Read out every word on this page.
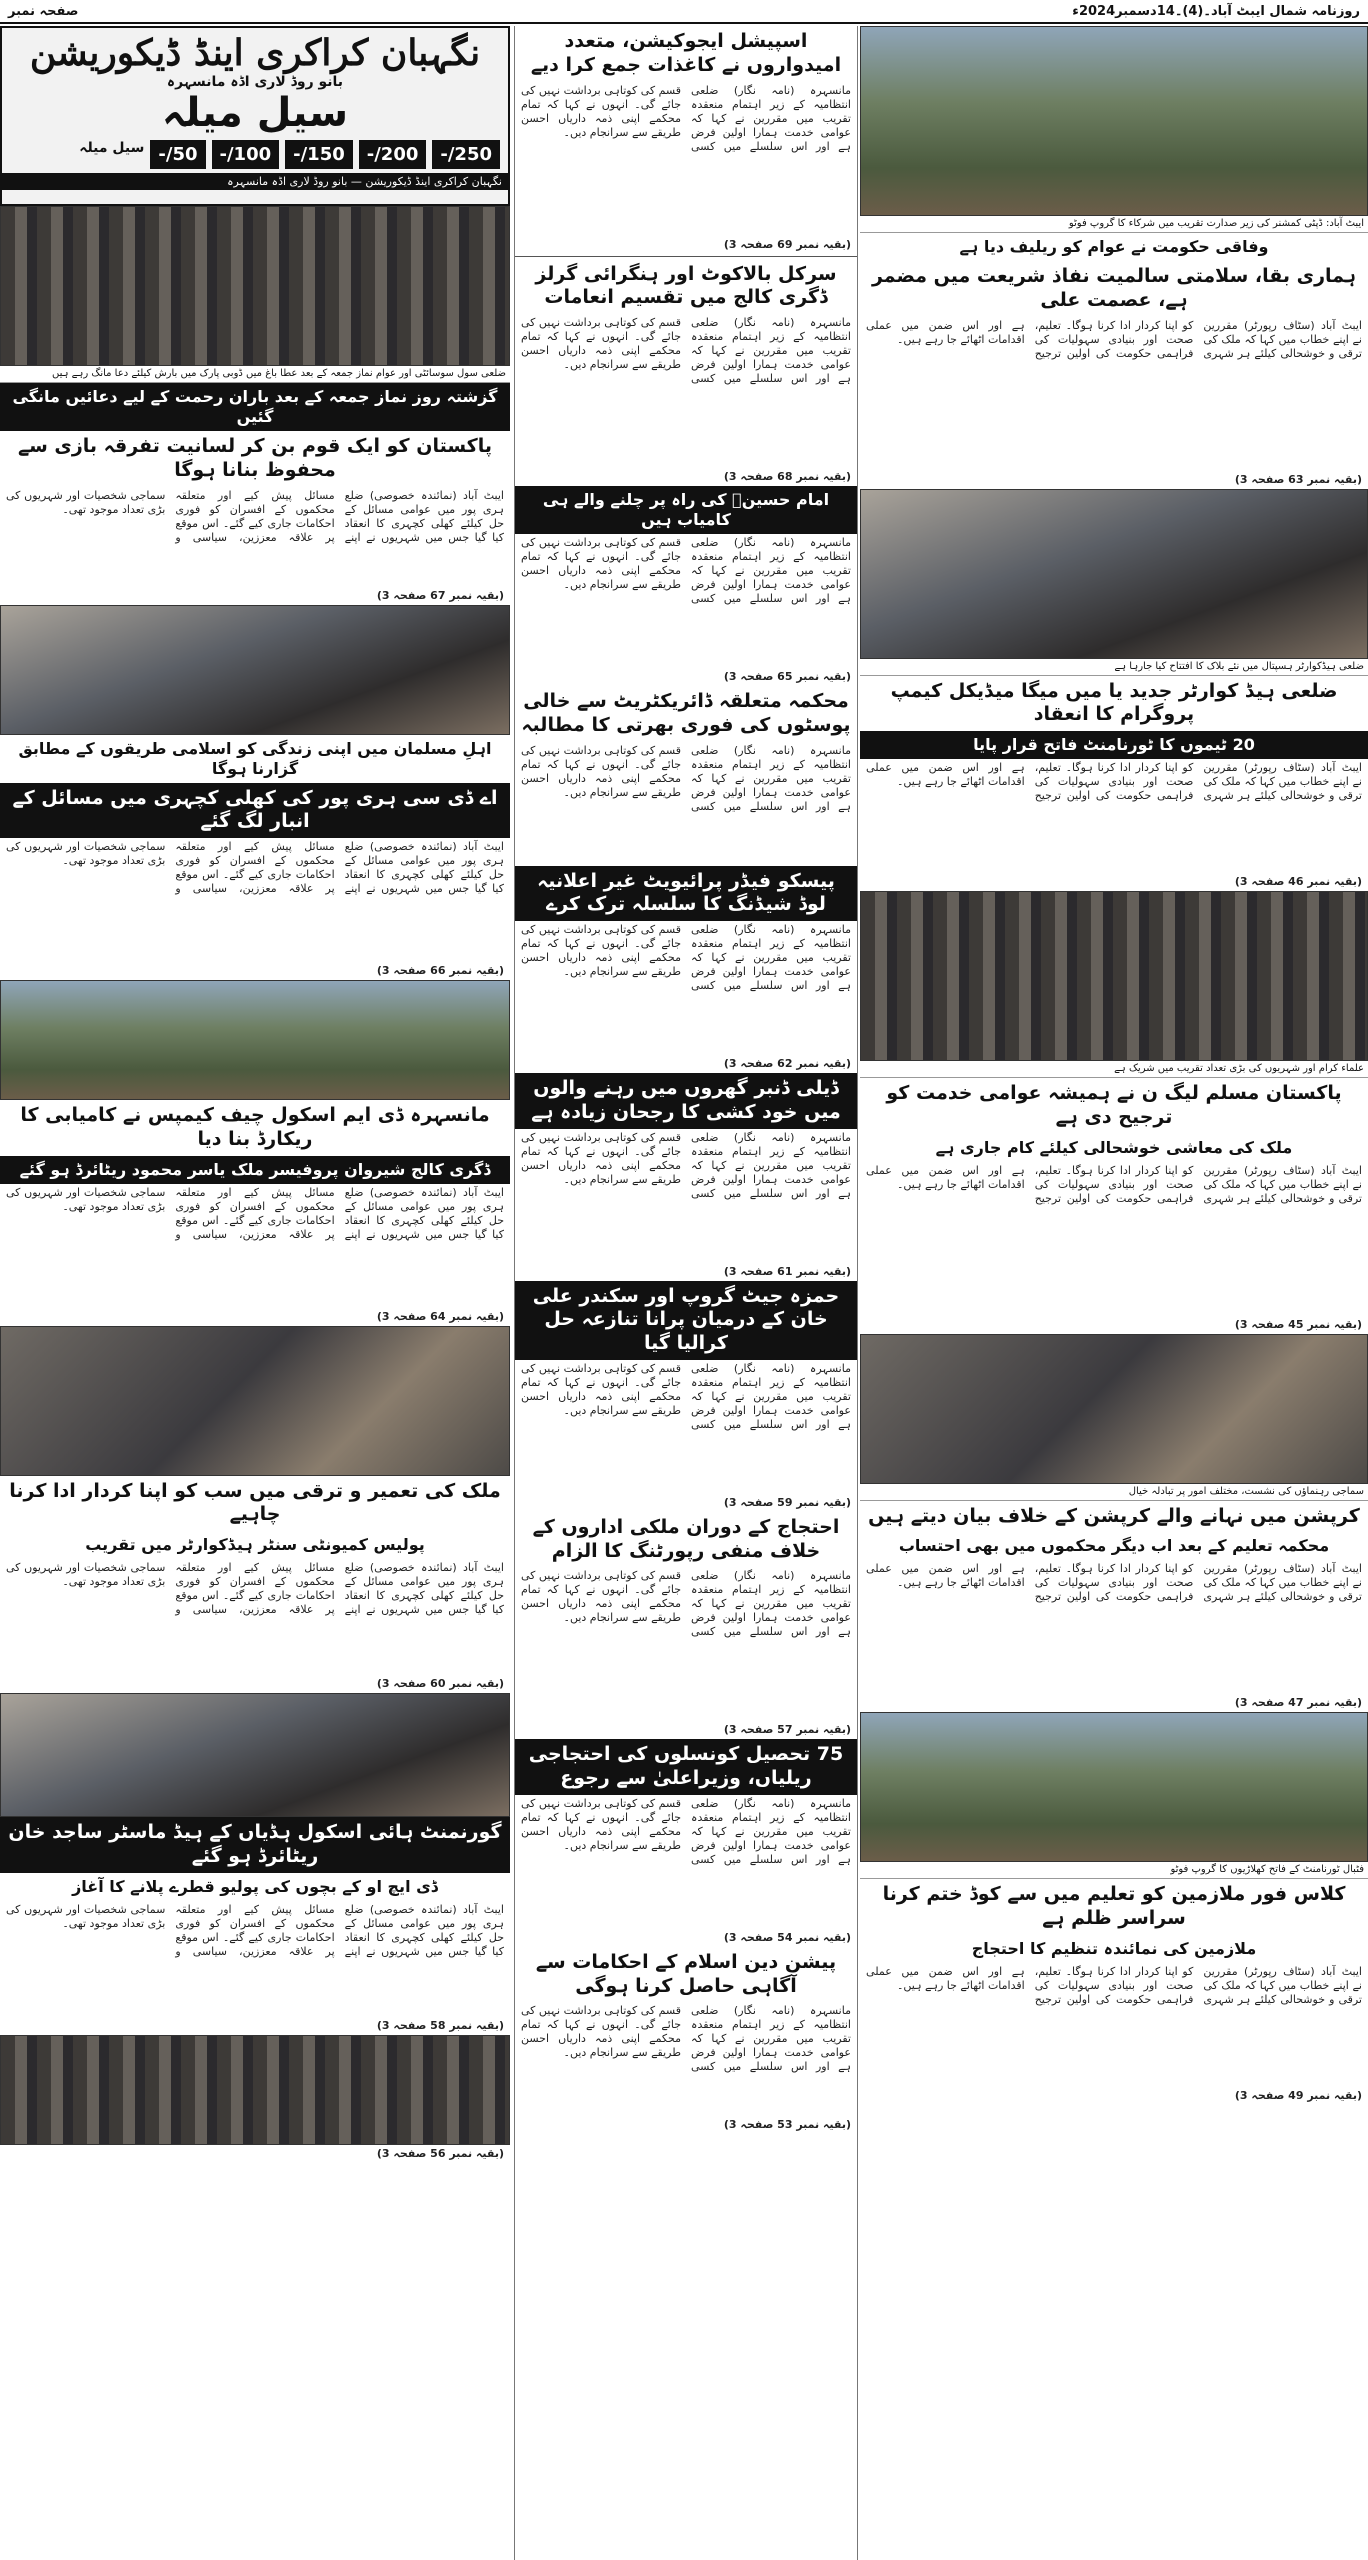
روزنامہ شمال ایبٹ آباد۔(4)۔14دسمبر2024ء
صفحہ نمبر
نگہبان کراکری اینڈ ڈیکوریشن
بانو روڈ لاری اڈہ مانسہرہ
سیل میلہ
250/-
200/-
150/-
100/-
50/-
سیل میلہ
نگہبان کراکری اینڈ ڈیکوریشن — بانو روڈ لاری اڈہ مانسہرہ
ضلعی سول سوسائٹی اور عوام نماز جمعہ کے بعد عطا باغ میں ڈوبی پارک میں بارش کیلئے دعا مانگ رہے ہیں
گزشتہ روز نماز جمعہ کے بعد باران رحمت کے لیے دعائیں مانگی گئیں
پاکستان کو ایک قوم بن کر لسانیت تفرقہ بازی سے محفوظ بنانا ہوگا
ایبٹ آباد (نمائندہ خصوصی) ضلع ہری پور میں عوامی مسائل کے حل کیلئے کھلی کچہری کا انعقاد کیا گیا جس میں شہریوں نے اپنے مسائل پیش کیے اور متعلقہ محکموں کے افسران کو فوری احکامات جاری کیے گئے۔ اس موقع پر علاقہ معززین، سیاسی و سماجی شخصیات اور شہریوں کی بڑی تعداد موجود تھی۔
(بقیہ نمبر 67 صفحہ 3)
اہلِ مسلمان میں اپنی زندگی کو اسلامی طریقوں کے مطابق گزارنا ہوگا
اے ڈی سی ہری پور کی کھلی کچہری میں مسائل کے انبار لگ گئے
ایبٹ آباد (نمائندہ خصوصی) ضلع ہری پور میں عوامی مسائل کے حل کیلئے کھلی کچہری کا انعقاد کیا گیا جس میں شہریوں نے اپنے مسائل پیش کیے اور متعلقہ محکموں کے افسران کو فوری احکامات جاری کیے گئے۔ اس موقع پر علاقہ معززین، سیاسی و سماجی شخصیات اور شہریوں کی بڑی تعداد موجود تھی۔
(بقیہ نمبر 66 صفحہ 3)
مانسہرہ ڈی ایم اسکول چیف کیمپس نے کامیابی کا ریکارڈ بنا دیا
ڈگری کالج شیروان پروفیسر ملک یاسر محمود ریٹائرڈ ہو گئے
ایبٹ آباد (نمائندہ خصوصی) ضلع ہری پور میں عوامی مسائل کے حل کیلئے کھلی کچہری کا انعقاد کیا گیا جس میں شہریوں نے اپنے مسائل پیش کیے اور متعلقہ محکموں کے افسران کو فوری احکامات جاری کیے گئے۔ اس موقع پر علاقہ معززین، سیاسی و سماجی شخصیات اور شہریوں کی بڑی تعداد موجود تھی۔
(بقیہ نمبر 64 صفحہ 3)
ملک کی تعمیر و ترقی میں سب کو اپنا کردار ادا کرنا چاہیے
پولیس کمیونٹی سنٹر ہیڈکوارٹر میں تقریب
ایبٹ آباد (نمائندہ خصوصی) ضلع ہری پور میں عوامی مسائل کے حل کیلئے کھلی کچہری کا انعقاد کیا گیا جس میں شہریوں نے اپنے مسائل پیش کیے اور متعلقہ محکموں کے افسران کو فوری احکامات جاری کیے گئے۔ اس موقع پر علاقہ معززین، سیاسی و سماجی شخصیات اور شہریوں کی بڑی تعداد موجود تھی۔
(بقیہ نمبر 60 صفحہ 3)
گورنمنٹ ہائی اسکول ہڈیاں کے ہیڈ ماسٹر ساجد خان ریٹائرڈ ہو گئے
ڈی ایچ او کے بچوں کی پولیو قطرے پلانے کا آغاز
ایبٹ آباد (نمائندہ خصوصی) ضلع ہری پور میں عوامی مسائل کے حل کیلئے کھلی کچہری کا انعقاد کیا گیا جس میں شہریوں نے اپنے مسائل پیش کیے اور متعلقہ محکموں کے افسران کو فوری احکامات جاری کیے گئے۔ اس موقع پر علاقہ معززین، سیاسی و سماجی شخصیات اور شہریوں کی بڑی تعداد موجود تھی۔
(بقیہ نمبر 58 صفحہ 3)
(بقیہ نمبر 56 صفحہ 3)
اسپیشل ایجوکیشن، متعدد امیدواروں نے کاغذات جمع کرا دیے
مانسہرہ (نامہ نگار) ضلعی انتظامیہ کے زیر اہتمام منعقدہ تقریب میں مقررین نے کہا کہ عوامی خدمت ہمارا اولین فرض ہے اور اس سلسلے میں کسی قسم کی کوتاہی برداشت نہیں کی جائے گی۔ انہوں نے کہا کہ تمام محکمے اپنی ذمہ داریاں احسن طریقے سے سرانجام دیں۔
(بقیہ نمبر 69 صفحہ 3)
سرکل بالاکوٹ اور ہنگرائی گرلز ڈگری کالج میں تقسیم انعامات
مانسہرہ (نامہ نگار) ضلعی انتظامیہ کے زیر اہتمام منعقدہ تقریب میں مقررین نے کہا کہ عوامی خدمت ہمارا اولین فرض ہے اور اس سلسلے میں کسی قسم کی کوتاہی برداشت نہیں کی جائے گی۔ انہوں نے کہا کہ تمام محکمے اپنی ذمہ داریاں احسن طریقے سے سرانجام دیں۔
(بقیہ نمبر 68 صفحہ 3)
امام حسینؓ کی راہ پر چلنے والے ہی کامیاب ہیں
مانسہرہ (نامہ نگار) ضلعی انتظامیہ کے زیر اہتمام منعقدہ تقریب میں مقررین نے کہا کہ عوامی خدمت ہمارا اولین فرض ہے اور اس سلسلے میں کسی قسم کی کوتاہی برداشت نہیں کی جائے گی۔ انہوں نے کہا کہ تمام محکمے اپنی ذمہ داریاں احسن طریقے سے سرانجام دیں۔
(بقیہ نمبر 65 صفحہ 3)
محکمہ متعلقہ ڈائریکٹریٹ سے خالی پوسٹوں کی فوری بھرتی کا مطالبہ
مانسہرہ (نامہ نگار) ضلعی انتظامیہ کے زیر اہتمام منعقدہ تقریب میں مقررین نے کہا کہ عوامی خدمت ہمارا اولین فرض ہے اور اس سلسلے میں کسی قسم کی کوتاہی برداشت نہیں کی جائے گی۔ انہوں نے کہا کہ تمام محکمے اپنی ذمہ داریاں احسن طریقے سے سرانجام دیں۔
پیسکو فیڈر پرائیویٹ غیر اعلانیہ لوڈ شیڈنگ کا سلسلہ ترک کرے
مانسہرہ (نامہ نگار) ضلعی انتظامیہ کے زیر اہتمام منعقدہ تقریب میں مقررین نے کہا کہ عوامی خدمت ہمارا اولین فرض ہے اور اس سلسلے میں کسی قسم کی کوتاہی برداشت نہیں کی جائے گی۔ انہوں نے کہا کہ تمام محکمے اپنی ذمہ داریاں احسن طریقے سے سرانجام دیں۔
(بقیہ نمبر 62 صفحہ 3)
ڈیلی ڈنبر گھروں میں رہنے والوں میں خود کشی کا رجحان زیادہ ہے
مانسہرہ (نامہ نگار) ضلعی انتظامیہ کے زیر اہتمام منعقدہ تقریب میں مقررین نے کہا کہ عوامی خدمت ہمارا اولین فرض ہے اور اس سلسلے میں کسی قسم کی کوتاہی برداشت نہیں کی جائے گی۔ انہوں نے کہا کہ تمام محکمے اپنی ذمہ داریاں احسن طریقے سے سرانجام دیں۔
(بقیہ نمبر 61 صفحہ 3)
حمزہ جیٹ گروپ اور سکندر علی خان کے درمیان پرانا تنازعہ حل کرالیا گیا
مانسہرہ (نامہ نگار) ضلعی انتظامیہ کے زیر اہتمام منعقدہ تقریب میں مقررین نے کہا کہ عوامی خدمت ہمارا اولین فرض ہے اور اس سلسلے میں کسی قسم کی کوتاہی برداشت نہیں کی جائے گی۔ انہوں نے کہا کہ تمام محکمے اپنی ذمہ داریاں احسن طریقے سے سرانجام دیں۔
(بقیہ نمبر 59 صفحہ 3)
احتجاج کے دوران ملکی اداروں کے خلاف منفی رپورٹنگ کا الزام
مانسہرہ (نامہ نگار) ضلعی انتظامیہ کے زیر اہتمام منعقدہ تقریب میں مقررین نے کہا کہ عوامی خدمت ہمارا اولین فرض ہے اور اس سلسلے میں کسی قسم کی کوتاہی برداشت نہیں کی جائے گی۔ انہوں نے کہا کہ تمام محکمے اپنی ذمہ داریاں احسن طریقے سے سرانجام دیں۔
(بقیہ نمبر 57 صفحہ 3)
75 تحصیل کونسلوں کی احتجاجی ریلیاں، وزیراعلیٰ سے رجوع
مانسہرہ (نامہ نگار) ضلعی انتظامیہ کے زیر اہتمام منعقدہ تقریب میں مقررین نے کہا کہ عوامی خدمت ہمارا اولین فرض ہے اور اس سلسلے میں کسی قسم کی کوتاہی برداشت نہیں کی جائے گی۔ انہوں نے کہا کہ تمام محکمے اپنی ذمہ داریاں احسن طریقے سے سرانجام دیں۔
(بقیہ نمبر 54 صفحہ 3)
پیشن دین اسلام کے احکامات سے آگاہی حاصل کرنا ہوگی
مانسہرہ (نامہ نگار) ضلعی انتظامیہ کے زیر اہتمام منعقدہ تقریب میں مقررین نے کہا کہ عوامی خدمت ہمارا اولین فرض ہے اور اس سلسلے میں کسی قسم کی کوتاہی برداشت نہیں کی جائے گی۔ انہوں نے کہا کہ تمام محکمے اپنی ذمہ داریاں احسن طریقے سے سرانجام دیں۔
(بقیہ نمبر 53 صفحہ 3)
ایبٹ آباد: ڈپٹی کمشنر کی زیر صدارت تقریب میں شرکاء کا گروپ فوٹو
وفاقی حکومت نے عوام کو ریلیف دیا ہے
ہماری بقا، سلامتی سالمیت نفاذ شریعت میں مضمر ہے، عصمت علی
ایبٹ آباد (سٹاف رپورٹر) مقررین نے اپنے خطاب میں کہا کہ ملک کی ترقی و خوشحالی کیلئے ہر شہری کو اپنا کردار ادا کرنا ہوگا۔ تعلیم، صحت اور بنیادی سہولیات کی فراہمی حکومت کی اولین ترجیح ہے اور اس ضمن میں عملی اقدامات اٹھائے جا رہے ہیں۔
(بقیہ نمبر 63 صفحہ 3)
ضلعی ہیڈکوارٹر ہسپتال میں نئے بلاک کا افتتاح کیا جارہا ہے
ضلعی ہیڈ کوارٹر جدید یا میں میگا میڈیکل کیمپ پروگرام کا انعقاد
20 ٹیموں کا ٹورنامنٹ فاتح قرار پایا
ایبٹ آباد (سٹاف رپورٹر) مقررین نے اپنے خطاب میں کہا کہ ملک کی ترقی و خوشحالی کیلئے ہر شہری کو اپنا کردار ادا کرنا ہوگا۔ تعلیم، صحت اور بنیادی سہولیات کی فراہمی حکومت کی اولین ترجیح ہے اور اس ضمن میں عملی اقدامات اٹھائے جا رہے ہیں۔
(بقیہ نمبر 46 صفحہ 3)
علماء کرام اور شہریوں کی بڑی تعداد تقریب میں شریک ہے
پاکستان مسلم لیگ ن نے ہمیشہ عوامی خدمت کو ترجیح دی ہے
ملک کی معاشی خوشحالی کیلئے کام جاری ہے
ایبٹ آباد (سٹاف رپورٹر) مقررین نے اپنے خطاب میں کہا کہ ملک کی ترقی و خوشحالی کیلئے ہر شہری کو اپنا کردار ادا کرنا ہوگا۔ تعلیم، صحت اور بنیادی سہولیات کی فراہمی حکومت کی اولین ترجیح ہے اور اس ضمن میں عملی اقدامات اٹھائے جا رہے ہیں۔
(بقیہ نمبر 45 صفحہ 3)
سماجی رہنماؤں کی نشست، مختلف امور پر تبادلہ خیال
کرپشن میں نہانے والے کرپشن کے خلاف بیان دیتے ہیں
محکمہ تعلیم کے بعد اب دیگر محکموں میں بھی احتساب
ایبٹ آباد (سٹاف رپورٹر) مقررین نے اپنے خطاب میں کہا کہ ملک کی ترقی و خوشحالی کیلئے ہر شہری کو اپنا کردار ادا کرنا ہوگا۔ تعلیم، صحت اور بنیادی سہولیات کی فراہمی حکومت کی اولین ترجیح ہے اور اس ضمن میں عملی اقدامات اٹھائے جا رہے ہیں۔
(بقیہ نمبر 47 صفحہ 3)
فٹبال ٹورنامنٹ کے فاتح کھلاڑیوں کا گروپ فوٹو
کلاس فور ملازمین کو تعلیم میں سے کوڈ ختم کرنا سراسر ظلم ہے
ملازمین کی نمائندہ تنظیم کا احتجاج
ایبٹ آباد (سٹاف رپورٹر) مقررین نے اپنے خطاب میں کہا کہ ملک کی ترقی و خوشحالی کیلئے ہر شہری کو اپنا کردار ادا کرنا ہوگا۔ تعلیم، صحت اور بنیادی سہولیات کی فراہمی حکومت کی اولین ترجیح ہے اور اس ضمن میں عملی اقدامات اٹھائے جا رہے ہیں۔
(بقیہ نمبر 49 صفحہ 3)
